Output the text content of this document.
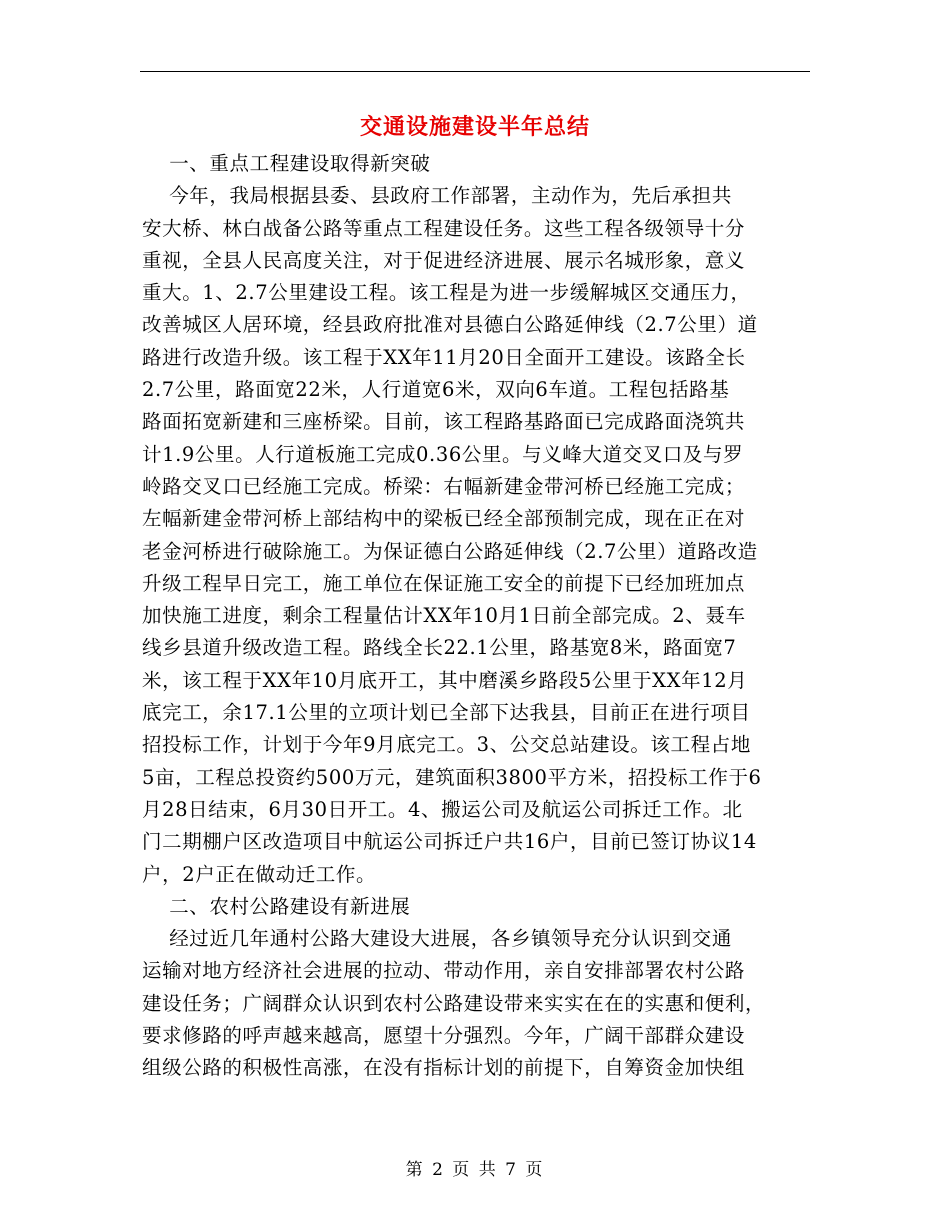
交通设施建设半年总结
一、重点工程建设取得新突破
今年，我局根据县委、县政府工作部署，主动作为，先后承担共
安大桥、林白战备公路等重点工程建设任务。这些工程各级领导十分
重视，全县人民高度关注，对于促进经济进展、展示名城形象，意义
重大。1、2.7公里建设工程。该工程是为进一步缓解城区交通压力，
改善城区人居环境，经县政府批准对县德白公路延伸线（2.7公里）道
路进行改造升级。该工程于XX年11月20日全面开工建设。该路全长
2.7公里，路面宽22米，人行道宽6米，双向6车道。工程包括路基
路面拓宽新建和三座桥梁。目前，该工程路基路面已完成路面浇筑共
计1.9公里。人行道板施工完成0.36公里。与义峰大道交叉口及与罗
岭路交叉口已经施工完成。桥梁：右幅新建金带河桥已经施工完成；
左幅新建金带河桥上部结构中的梁板已经全部预制完成，现在正在对
老金河桥进行破除施工。为保证德白公路延伸线（2.7公里）道路改造
升级工程早日完工，施工单位在保证施工安全的前提下已经加班加点
加快施工进度，剩余工程量估计XX年10月1日前全部完成。2、聂车
线乡县道升级改造工程。路线全长22.1公里，路基宽8米，路面宽7
米，该工程于XX年10月底开工，其中磨溪乡路段5公里于XX年12月
底完工，余17.1公里的立项计划已全部下达我县，目前正在进行项目
招投标工作，计划于今年9月底完工。3、公交总站建设。该工程占地
5亩，工程总投资约500万元，建筑面积3800平方米，招投标工作于6
月28日结束，6月30日开工。4、搬运公司及航运公司拆迁工作。北
门二期棚户区改造项目中航运公司拆迁户共16户，目前已签订协议14
户，2户正在做动迁工作。
二、农村公路建设有新进展
经过近几年通村公路大建设大进展，各乡镇领导充分认识到交通
运输对地方经济社会进展的拉动、带动作用，亲自安排部署农村公路
建设任务；广阔群众认识到农村公路建设带来实实在在的实惠和便利，
要求修路的呼声越来越高，愿望十分强烈。今年，广阔干部群众建设
组级公路的积极性高涨，在没有指标计划的前提下，自筹资金加快组
第 2 页 共 7 页
